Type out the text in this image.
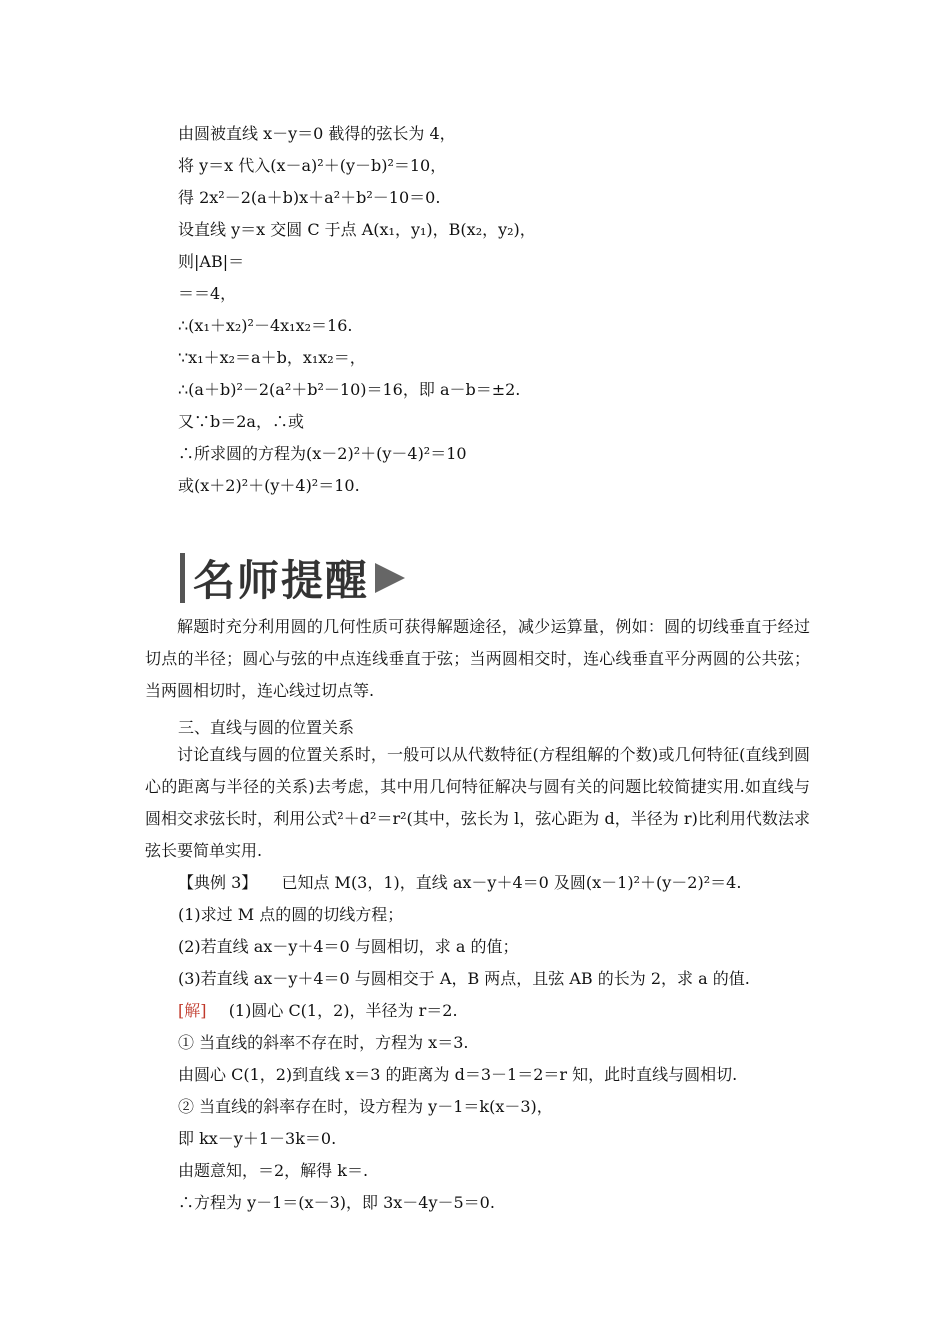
由圆被直线 x－y＝0 截得的弦长为 4，
将 y＝x 代入(x－a)²＋(y－b)²＝10，
得 2x²－2(a＋b)x＋a²＋b²－10＝0.
设直线 y＝x 交圆 C 于点 A(x₁，y₁)，B(x₂，y₂)，
则|AB|＝
＝＝4，
∴(x₁＋x₂)²－4x₁x₂＝16.
∵x₁＋x₂＝a＋b，x₁x₂＝，
∴(a＋b)²－2(a²＋b²－10)＝16，即 a－b＝±2.
又∵b＝2a，∴或
∴所求圆的方程为(x－2)²＋(y－4)²＝10
或(x＋2)²＋(y＋4)²＝10.
名师提醒
解题时充分利用圆的几何性质可获得解题途径，减少运算量，例如：圆的切线垂直于经过切点的半径；圆心与弦的中点连线垂直于弦；当两圆相交时，连心线垂直平分两圆的公共弦；当两圆相切时，连心线过切点等.
三、直线与圆的位置关系
讨论直线与圆的位置关系时，一般可以从代数特征(方程组解的个数)或几何特征(直线到圆心的距离与半径的关系)去考虑，其中用几何特征解决与圆有关的问题比较简捷实用.如直线与圆相交求弦长时，利用公式²＋d²＝r²(其中，弦长为 l，弦心距为 d，半径为 r)比利用代数法求弦长要简单实用.
【典例 3】 已知点 M(3，1)，直线 ax－y＋4＝0 及圆(x－1)²＋(y－2)²＝4.
(1)求过 M 点的圆的切线方程；
(2)若直线 ax－y＋4＝0 与圆相切，求 a 的值；
(3)若直线 ax－y＋4＝0 与圆相交于 A，B 两点，且弦 AB 的长为 2，求 a 的值.
[解] (1)圆心 C(1，2)，半径为 r＝2.
① 当直线的斜率不存在时，方程为 x＝3.
由圆心 C(1，2)到直线 x＝3 的距离为 d＝3－1＝2＝r 知，此时直线与圆相切.
② 当直线的斜率存在时，设方程为 y－1＝k(x－3)，
即 kx－y＋1－3k＝0.
由题意知，＝2，解得 k＝.
∴方程为 y－1＝(x－3)，即 3x－4y－5＝0.
